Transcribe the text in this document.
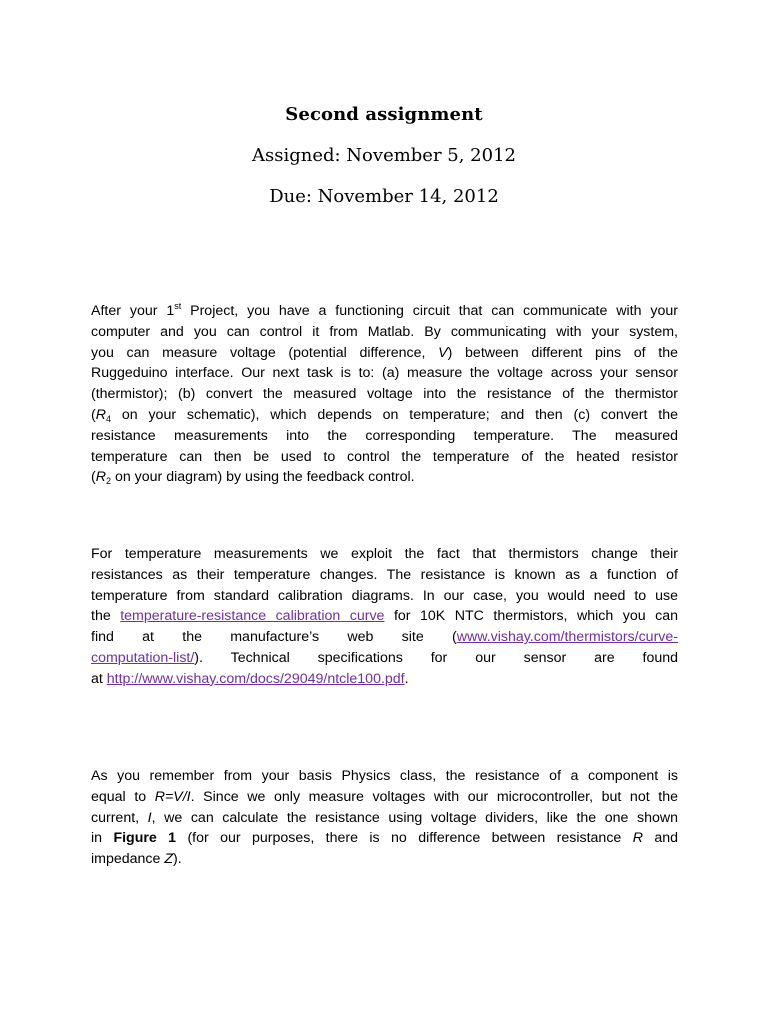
Second assignment
Assigned: November 5, 2012
Due: November 14, 2012
After your 1st Project, you have a functioning circuit that can communicate with your
computer and you can control it from Matlab. By communicating with your system,
you can measure voltage (potential difference, V) between different pins of the
Ruggeduino interface. Our next task is to: (a) measure the voltage across your sensor
(thermistor); (b) convert the measured voltage into the resistance of the thermistor
($R_4$ on your schematic), which depends on temperature; and then (c) convert the
resistance measurements into the corresponding temperature. The measured
temperature can then be used to control the temperature of the heated resistor
($R_2$ on your diagram) by using the feedback control.
For temperature measurements we exploit the fact that thermistors change their
resistances as their temperature changes. The resistance is known as a function of
temperature from standard calibration diagrams. In our case, you would need to use
the temperature-resistance calibration curve for 10K NTC thermistors, which you can
find at the manufacture’s web site (www.vishay.com/thermistors/curve-
computation-list/). Technical specifications for our sensor are found
at http://www.vishay.com/docs/29049/ntcle100.pdf.
As you remember from your basis Physics class, the resistance of a component is
equal to R=V/I. Since we only measure voltages with our microcontroller, but not the
current, I, we can calculate the resistance using voltage dividers, like the one shown
in Figure 1 (for our purposes, there is no difference between resistance R and
impedance Z).
